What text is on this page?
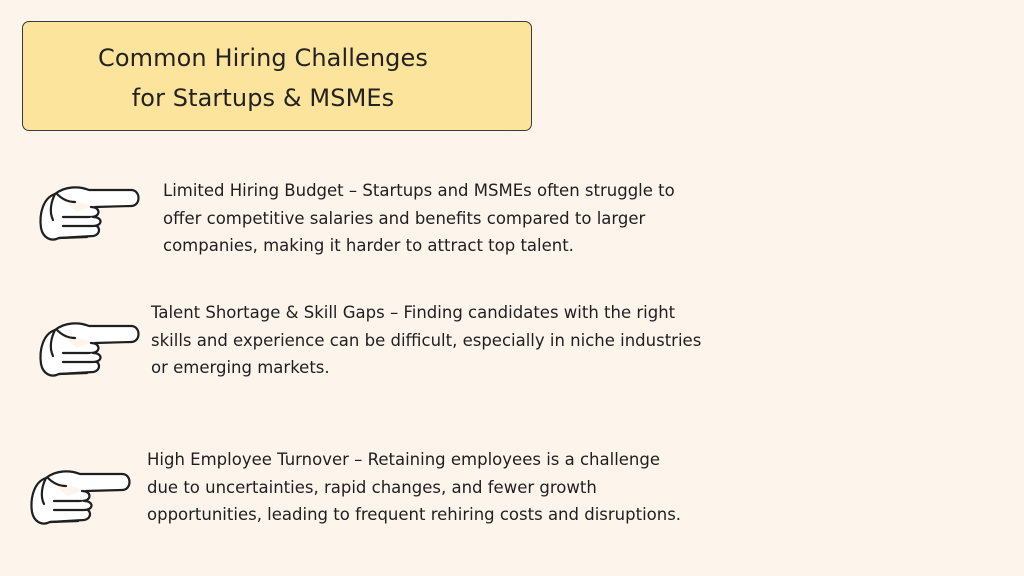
Common Hiring Challenges
for Startups & MSMEs
Limited Hiring Budget – Startups and MSMEs often struggle to
offer competitive salaries and benefits compared to larger
companies, making it harder to attract top talent.
Talent Shortage & Skill Gaps – Finding candidates with the right
skills and experience can be difficult, especially in niche industries
or emerging markets.
High Employee Turnover – Retaining employees is a challenge
due to uncertainties, rapid changes, and fewer growth
opportunities, leading to frequent rehiring costs and disruptions.
